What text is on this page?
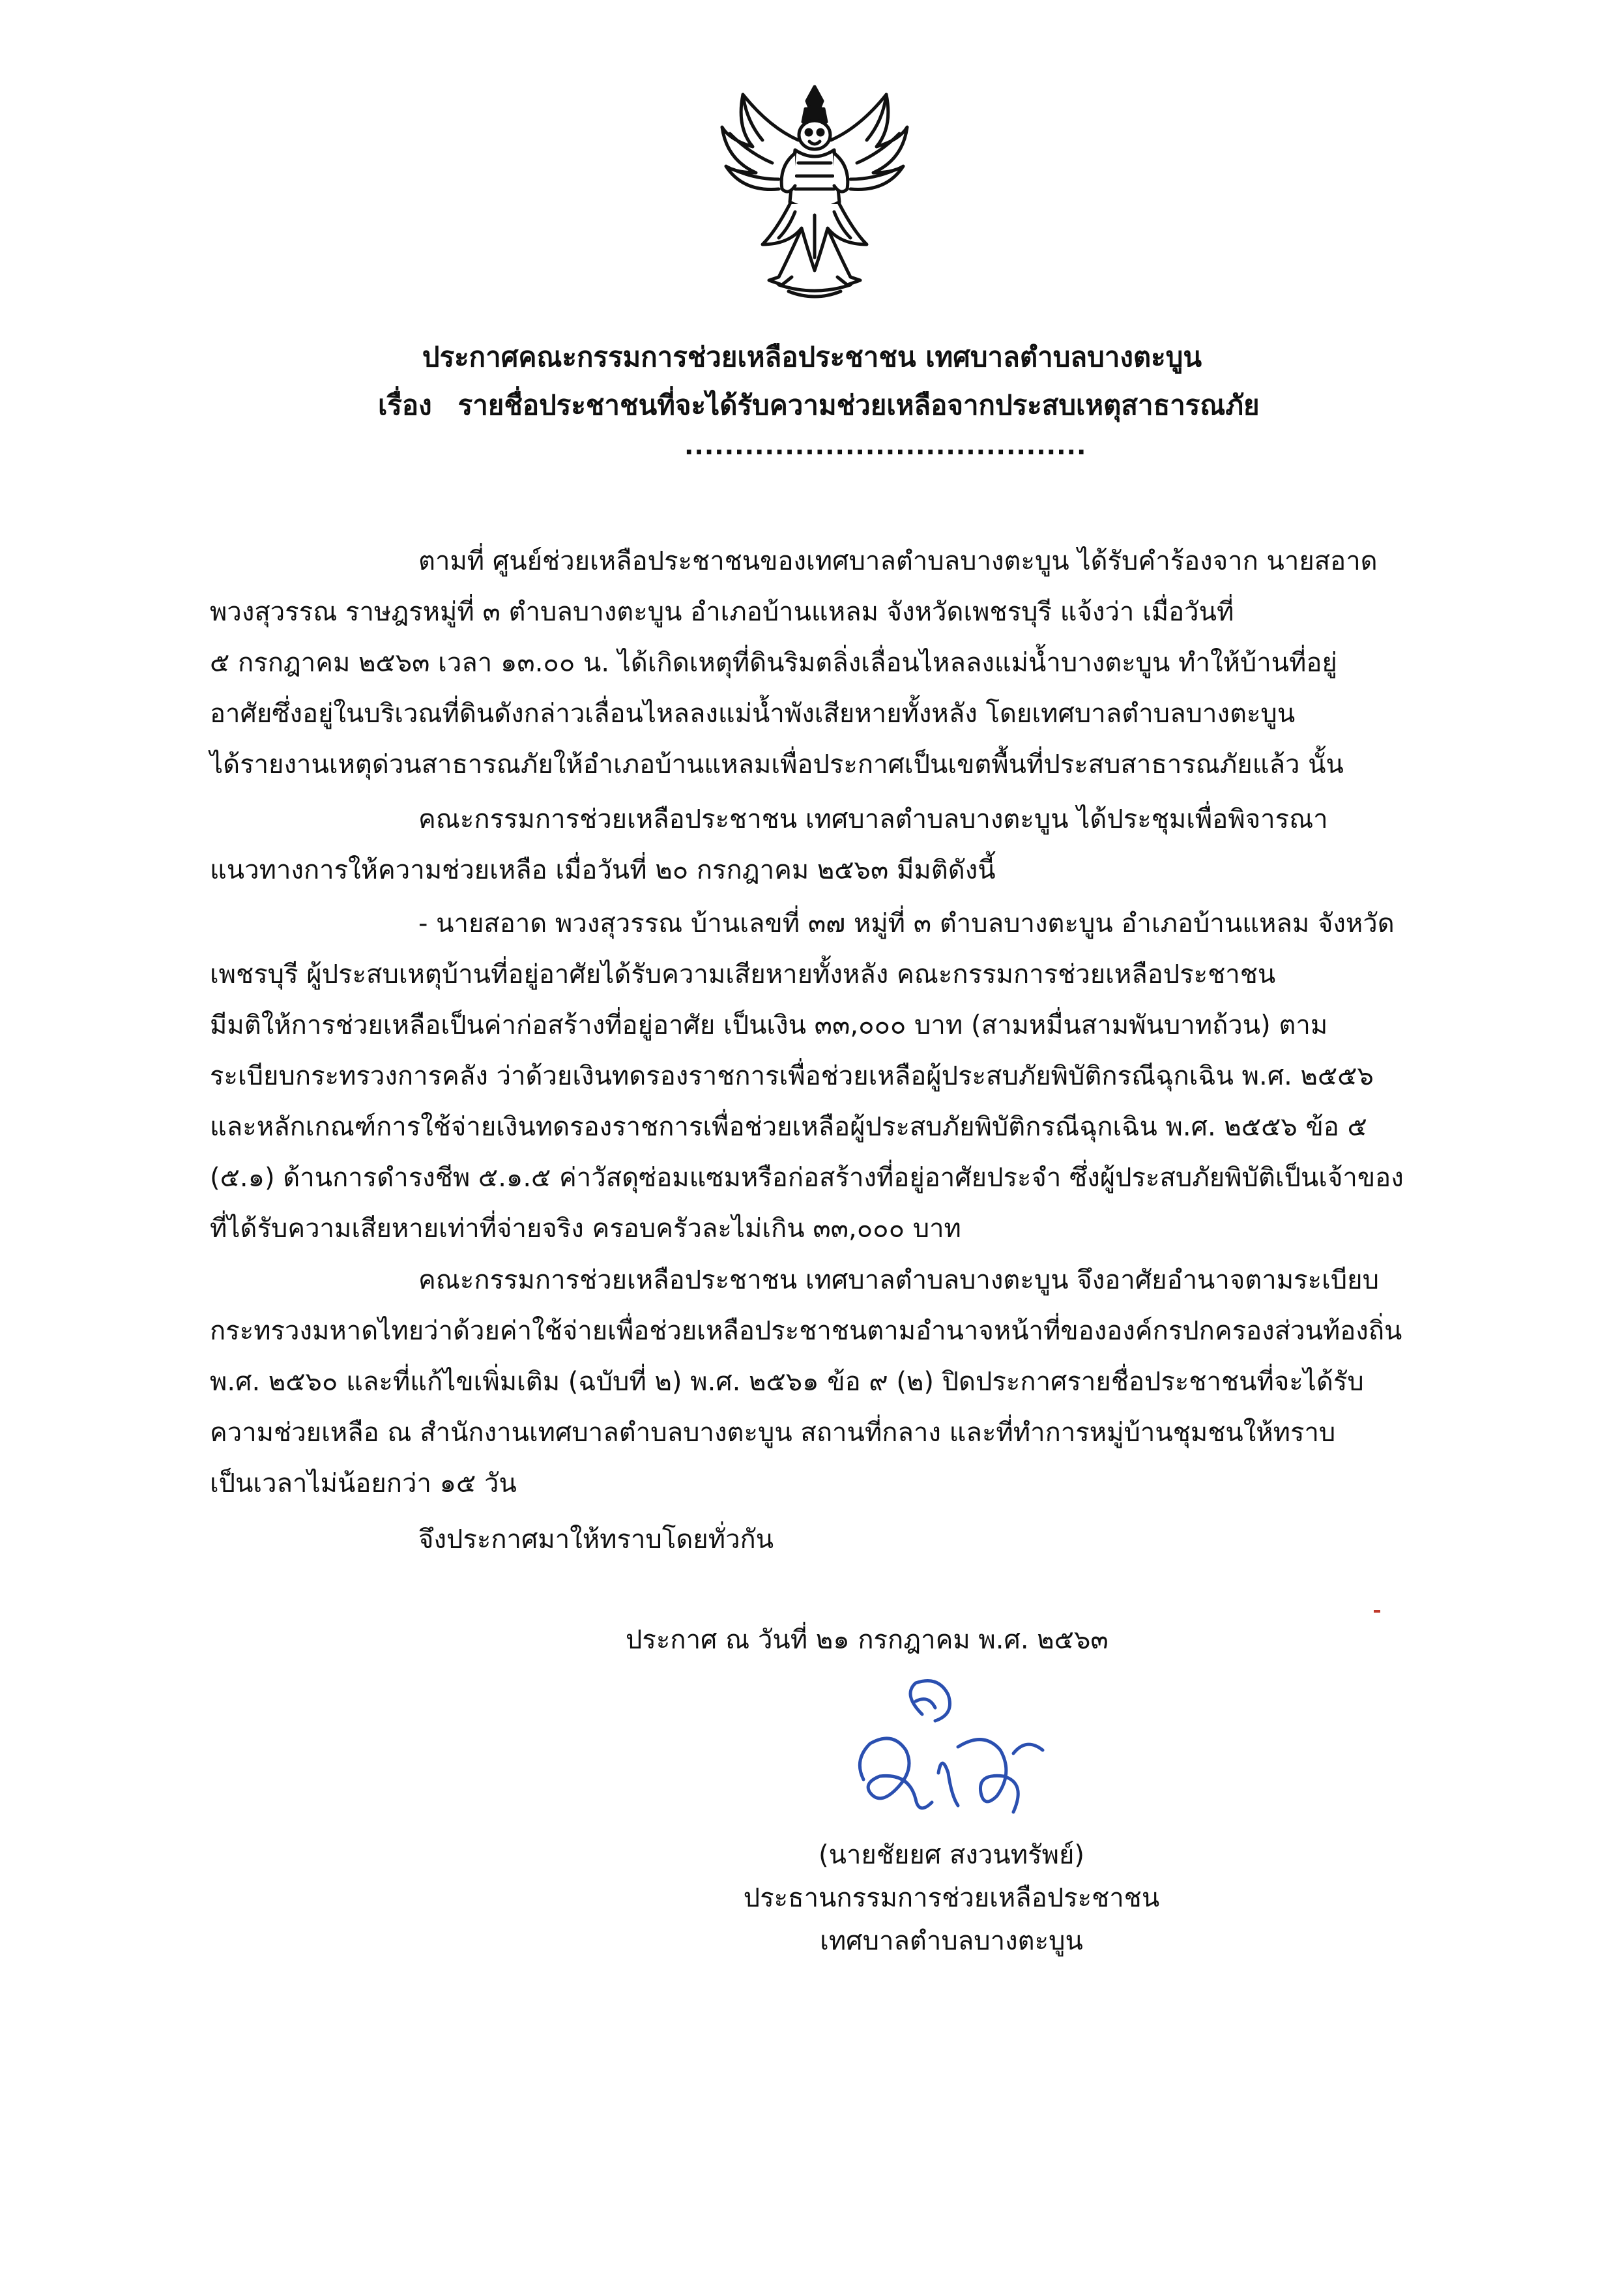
ประกาศคณะกรรมการช่วยเหลือประชาชน เทศบาลตำบลบางตะบูน
เรื่อง รายชื่อประชาชนที่จะได้รับความช่วยเหลือจากประสบเหตุสาธารณภัย
........................................
ตามที่ ศูนย์ช่วยเหลือประชาชนของเทศบาลตำบลบางตะบูน ได้รับคำร้องจาก นายสอาด
พวงสุวรรณ ราษฎรหมู่ที่ ๓ ตำบลบางตะบูน อำเภอบ้านแหลม จังหวัดเพชรบุรี แจ้งว่า เมื่อวันที่
๕ กรกฎาคม ๒๕๖๓ เวลา ๑๓.๐๐ น. ได้เกิดเหตุที่ดินริมตลิ่งเลื่อนไหลลงแม่น้ำบางตะบูน ทำให้บ้านที่อยู่
อาศัยซึ่งอยู่ในบริเวณที่ดินดังกล่าวเลื่อนไหลลงแม่น้ำพังเสียหายทั้งหลัง โดยเทศบาลตำบลบางตะบูน
ได้รายงานเหตุด่วนสาธารณภัยให้อำเภอบ้านแหลมเพื่อประกาศเป็นเขตพื้นที่ประสบสาธารณภัยแล้ว นั้น
คณะกรรมการช่วยเหลือประชาชน เทศบาลตำบลบางตะบูน ได้ประชุมเพื่อพิจารณา
แนวทางการให้ความช่วยเหลือ เมื่อวันที่ ๒๐ กรกฎาคม ๒๕๖๓ มีมติดังนี้
- นายสอาด พวงสุวรรณ บ้านเลขที่ ๓๗ หมู่ที่ ๓ ตำบลบางตะบูน อำเภอบ้านแหลม จังหวัด
เพชรบุรี ผู้ประสบเหตุบ้านที่อยู่อาศัยได้รับความเสียหายทั้งหลัง คณะกรรมการช่วยเหลือประชาชน
มีมติให้การช่วยเหลือเป็นค่าก่อสร้างที่อยู่อาศัย เป็นเงิน ๓๓,๐๐๐ บาท (สามหมื่นสามพันบาทถ้วน) ตาม
ระเบียบกระทรวงการคลัง ว่าด้วยเงินทดรองราชการเพื่อช่วยเหลือผู้ประสบภัยพิบัติกรณีฉุกเฉิน พ.ศ. ๒๕๕๖
และหลักเกณฑ์การใช้จ่ายเงินทดรองราชการเพื่อช่วยเหลือผู้ประสบภัยพิบัติกรณีฉุกเฉิน พ.ศ. ๒๕๕๖ ข้อ ๕
(๕.๑) ด้านการดำรงชีพ ๕.๑.๕ ค่าวัสดุซ่อมแซมหรือก่อสร้างที่อยู่อาศัยประจำ ซึ่งผู้ประสบภัยพิบัติเป็นเจ้าของ
ที่ได้รับความเสียหายเท่าที่จ่ายจริง ครอบครัวละไม่เกิน ๓๓,๐๐๐ บาท
คณะกรรมการช่วยเหลือประชาชน เทศบาลตำบลบางตะบูน จึงอาศัยอำนาจตามระเบียบ
กระทรวงมหาดไทยว่าด้วยค่าใช้จ่ายเพื่อช่วยเหลือประชาชนตามอำนาจหน้าที่ขององค์กรปกครองส่วนท้องถิ่น
พ.ศ. ๒๕๖๐ และที่แก้ไขเพิ่มเติม (ฉบับที่ ๒) พ.ศ. ๒๕๖๑ ข้อ ๙ (๒) ปิดประกาศรายชื่อประชาชนที่จะได้รับ
ความช่วยเหลือ ณ สำนักงานเทศบาลตำบลบางตะบูน สถานที่กลาง และที่ทำการหมู่บ้านชุมชนให้ทราบ
เป็นเวลาไม่น้อยกว่า ๑๕ วัน
จึงประกาศมาให้ทราบโดยทั่วกัน
ประกาศ ณ วันที่ ๒๑ กรกฎาคม พ.ศ. ๒๕๖๓
(นายชัยยศ สงวนทรัพย์)
ประธานกรรมการช่วยเหลือประชาชน
เทศบาลตำบลบางตะบูน
